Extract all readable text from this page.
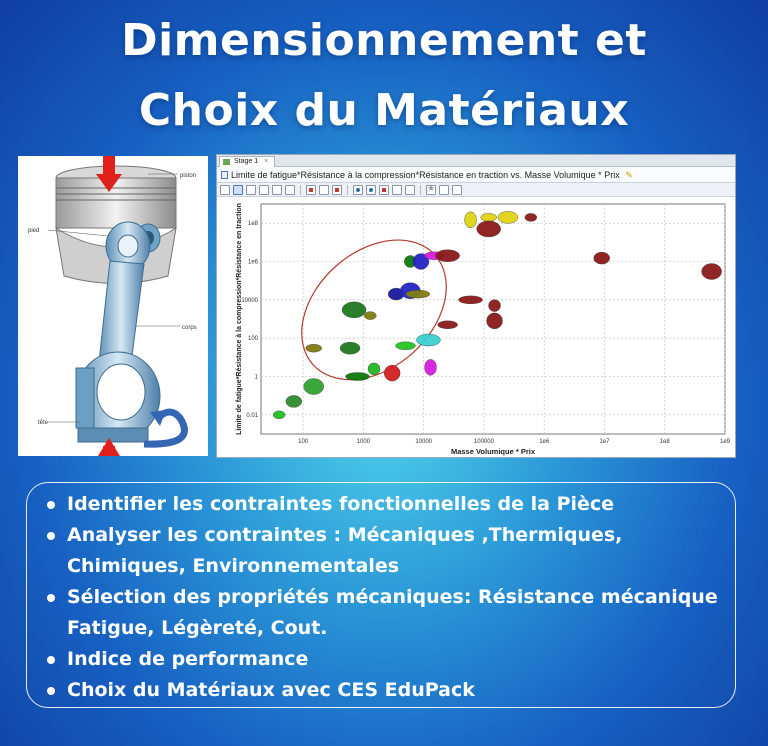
Dimensionnement et
Choix du Matériaux
piston
pied
corps
tête
Stage 1 ×
Limite de fatigue*Résistance à la compression*Résistance en traction vs. Masse Volumique * Prix ✎
★
100	1000	10000	100000	1e6	1e7	1e8	1e9
0.01
1
100
10000
1e6
1e8
Masse Volumique * Prix
Limite de fatigue*Résistance à la compression*Résistance en traction
Identifier les contraintes fonctionnelles de la Pièce
Analyser les contraintes : Mécaniques ,Thermiques, Chimiques, Environnementales
Sélection des propriétés mécaniques: Résistance mécanique Fatigue, Légèreté, Cout.
Indice de performance
Choix du Matériaux avec CES EduPack
